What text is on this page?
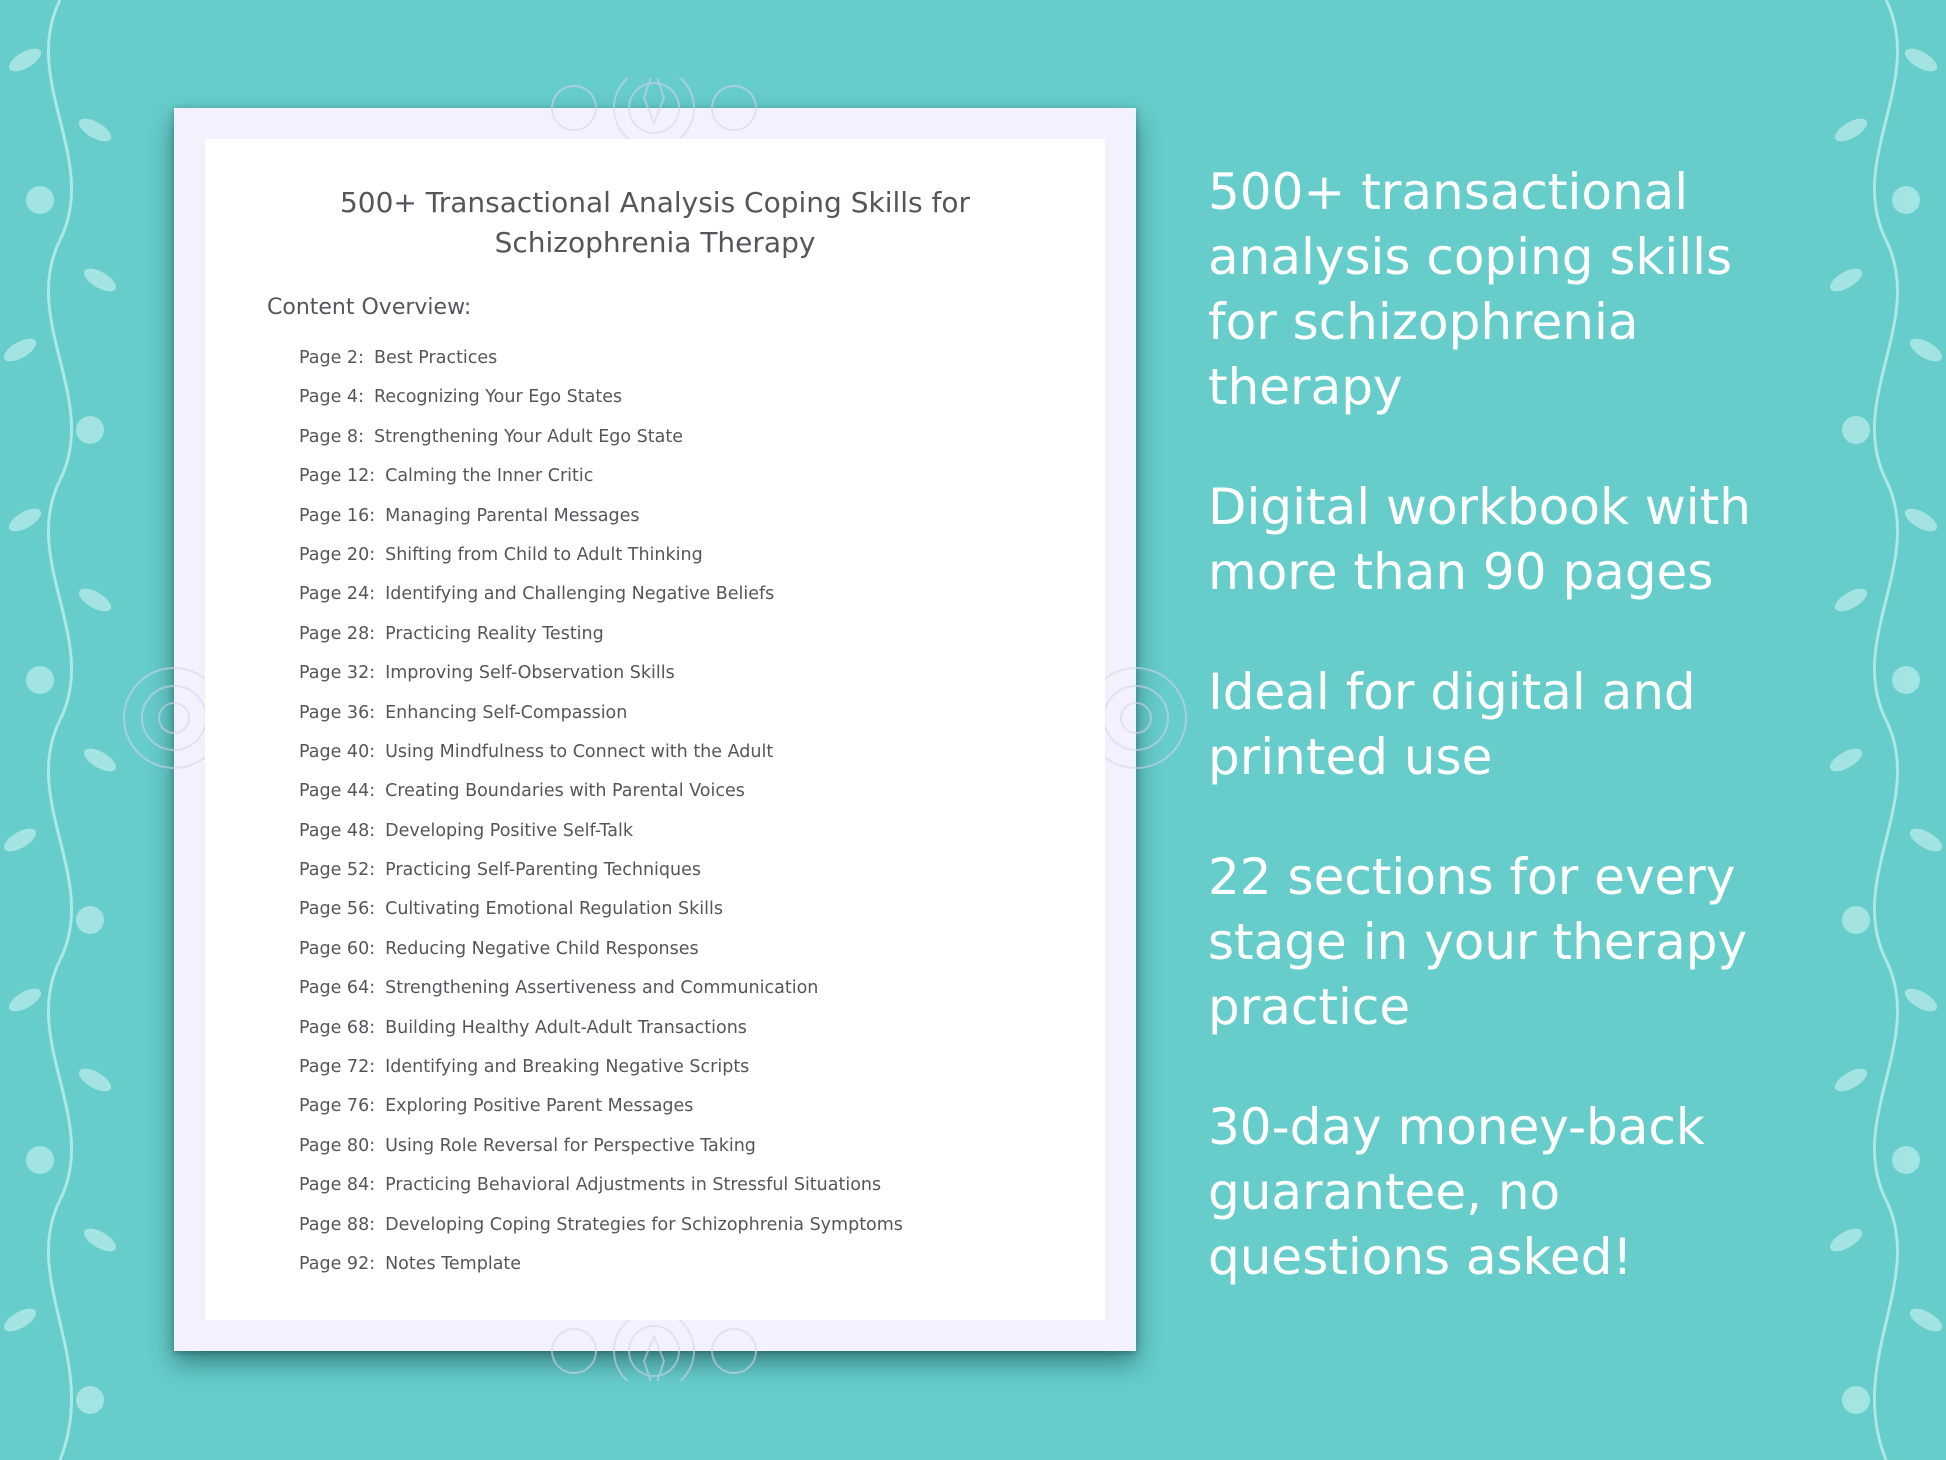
500+ Transactional Analysis Coping Skills for
Schizophrenia Therapy
Content Overview:
Page 2: Best Practices
Page 4: Recognizing Your Ego States
Page 8: Strengthening Your Adult Ego State
Page 12: Calming the Inner Critic
Page 16: Managing Parental Messages
Page 20: Shifting from Child to Adult Thinking
Page 24: Identifying and Challenging Negative Beliefs
Page 28: Practicing Reality Testing
Page 32: Improving Self-Observation Skills
Page 36: Enhancing Self-Compassion
Page 40: Using Mindfulness to Connect with the Adult
Page 44: Creating Boundaries with Parental Voices
Page 48: Developing Positive Self-Talk
Page 52: Practicing Self-Parenting Techniques
Page 56: Cultivating Emotional Regulation Skills
Page 60: Reducing Negative Child Responses
Page 64: Strengthening Assertiveness and Communication
Page 68: Building Healthy Adult-Adult Transactions
Page 72: Identifying and Breaking Negative Scripts
Page 76: Exploring Positive Parent Messages
Page 80: Using Role Reversal for Perspective Taking
Page 84: Practicing Behavioral Adjustments in Stressful Situations
Page 88: Developing Coping Strategies for Schizophrenia Symptoms
Page 92: Notes Template

500+ transactional
analysis coping skills
for schizophrenia
therapy

Digital workbook with
more than 90 pages

Ideal for digital and
printed use

22 sections for every
stage in your therapy
practice

30-day money-back
guarantee, no
questions asked!
